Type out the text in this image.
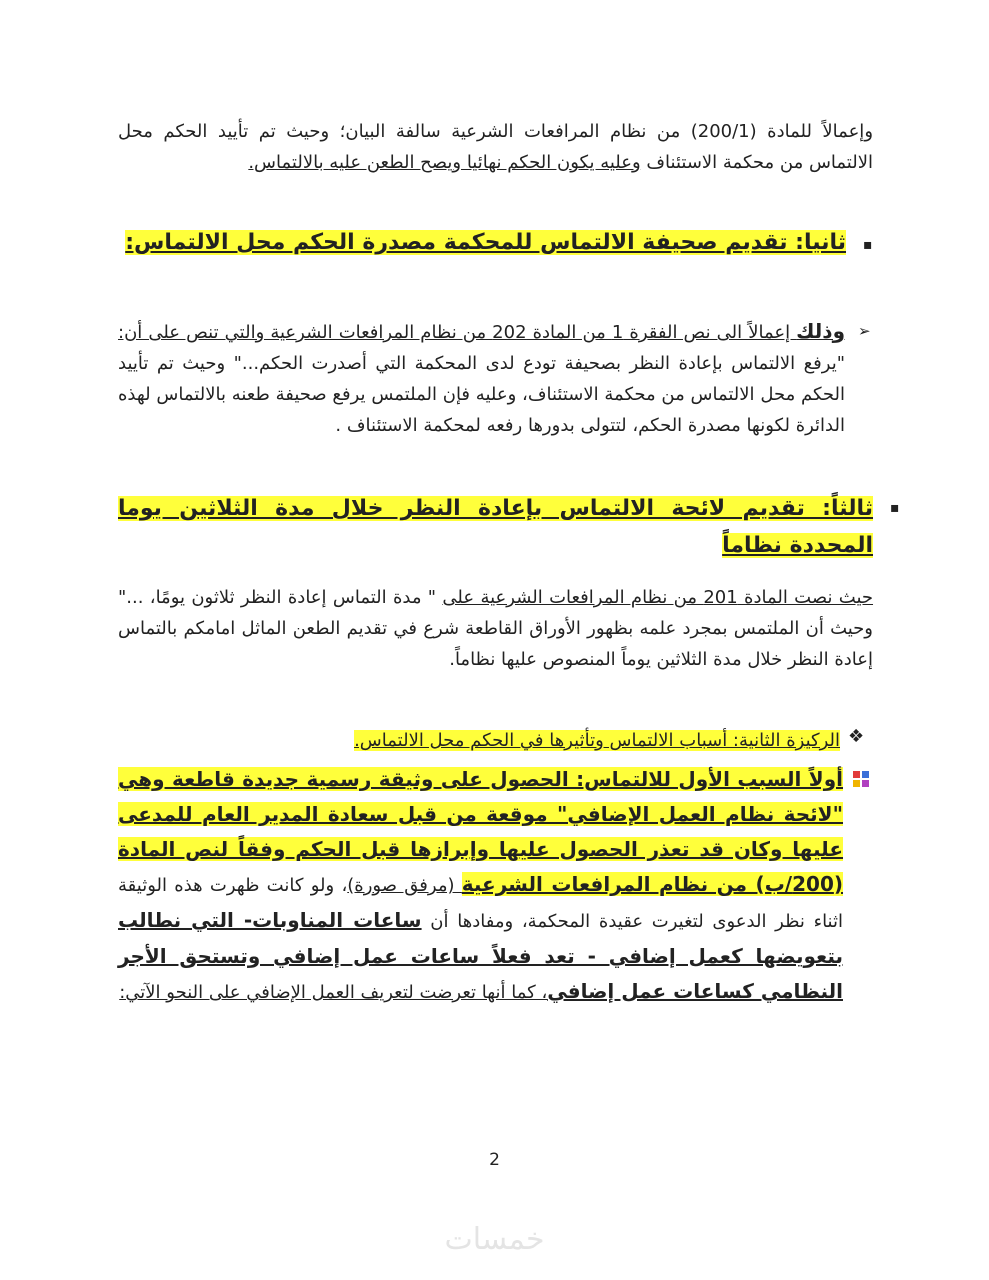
وإعمالاً للمادة (200/1) من نظام المرافعات الشرعية سالفة البيان؛ وحيث تم تأييد الحكم محل الالتماس من محكمة الاستئناف وعليه يكون الحكم نهائيا ويصح الطعن عليه بالالتماس.
▪
ثانيا: تقديم صحيفة الالتماس للمحكمة مصدرة الحكم محل الالتماس:
➢
وذلك إعمالاً الى نص الفقرة 1 من المادة 202 من نظام المرافعات الشرعية والتي تنص على أن: "يرفع الالتماس بإعادة النظر بصحيفة تودع لدى المحكمة التي أصدرت الحكم..." وحيث تم تأييد الحكم محل الالتماس من محكمة الاستئناف، وعليه فإن الملتمس يرفع صحيفة طعنه بالالتماس لهذه الدائرة لكونها مصدرة الحكم، لتتولى بدورها رفعه لمحكمة الاستئناف .
▪
ثالثاً: تقديم لائحة الالتماس بإعادة النظر خلال مدة الثلاثين يوما المحددة نظاماً
حيث نصت المادة 201 من نظام المرافعات الشرعية على " مدة التماس إعادة النظر ثلاثون يومًا، ..." وحيث أن الملتمس بمجرد علمه بظهور الأوراق القاطعة شرع في تقديم الطعن الماثل امامكم بالتماس إعادة النظر خلال مدة الثلاثين يوماً المنصوص عليها نظاماً.
❖
الركيزة الثانية: أسباب الالتماس وتأثيرها في الحكم محل الالتماس.
أولاً السبب الأول للالتماس: الحصول على وثيقة رسمية جديدة قاطعة وهي "لائحة نظام العمل الإضافي" موقعة من قبل سعادة المدير العام للمدعى عليها وكان قد تعذر الحصول عليها وإبرازها قبل الحكم وفقاً لنص المادة (200/ب) من نظام المرافعات الشرعية (مرفق صورة)، ولو كانت ظهرت هذه الوثيقة اثناء نظر الدعوى لتغيرت عقيدة المحكمة، ومفادها أن ساعات المناوبات- التي نطالب بتعويضها كعمل إضافي - تعد فعلاً ساعات عمل إضافي وتستحق الأجر النظامي كساعات عمل إضافي، كما أنها تعرضت لتعريف العمل الإضافي على النحو الآتي:
2
خمسات
